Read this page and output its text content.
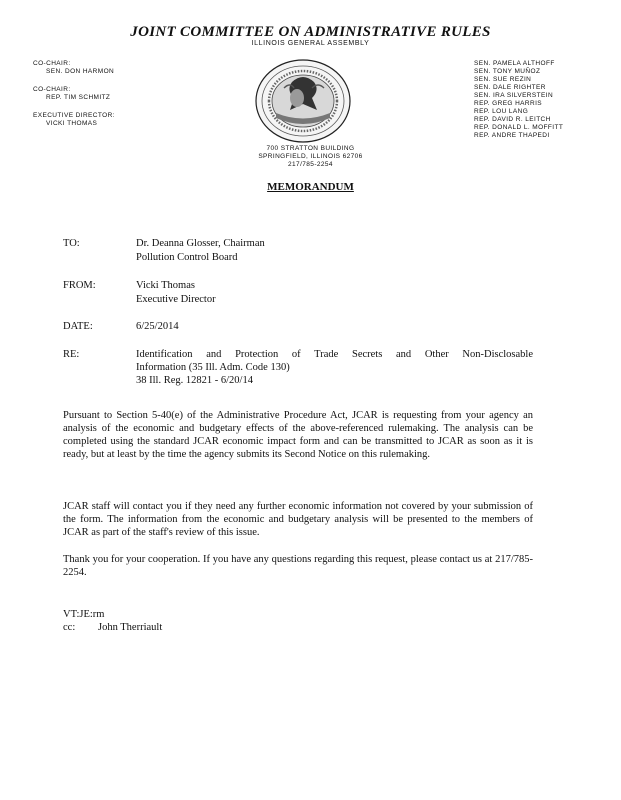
JOINT COMMITTEE ON ADMINISTRATIVE RULES
ILLINOIS GENERAL ASSEMBLY
CO-CHAIR:
SEN. DON HARMON
CO-CHAIR:
REP. TIM SCHMITZ
EXECUTIVE DIRECTOR:
VICKI THOMAS
SEN. PAMELA ALTHOFF
SEN. TONY MUÑOZ
SEN. SUE REZIN
SEN. DALE RIGHTER
SEN. IRA SILVERSTEIN
REP. GREG HARRIS
REP. LOU LANG
REP. DAVID R. LEITCH
REP. DONALD L. MOFFITT
REP. ANDRE THAPEDI
700 STRATTON BUILDING
SPRINGFIELD, ILLINOIS 62706
217/785-2254
MEMORANDUM
TO:	Dr. Deanna Glosser, Chairman
Pollution Control Board
FROM:	Vicki Thomas
Executive Director
DATE:	6/25/2014
RE:	Identification and Protection of Trade Secrets and Other Non-Disclosable
Information (35 Ill. Adm. Code 130)
38 Ill. Reg. 12821 - 6/20/14
Pursuant to Section 5-40(e) of the Administrative Procedure Act, JCAR is requesting from your agency an analysis of the economic and budgetary effects of the above-referenced rulemaking. The analysis can be completed using the standard JCAR economic impact form and can be transmitted to JCAR as soon as it is ready, but at least by the time the agency submits its Second Notice on this rulemaking.
JCAR staff will contact you if they need any further economic information not covered by your submission of the form. The information from the economic and budgetary analysis will be presented to the members of JCAR as part of the staff's review of this issue.
Thank you for your cooperation. If you have any questions regarding this request, please contact us at 217/785-2254.
VT:JE:rm
cc: John Therriault
